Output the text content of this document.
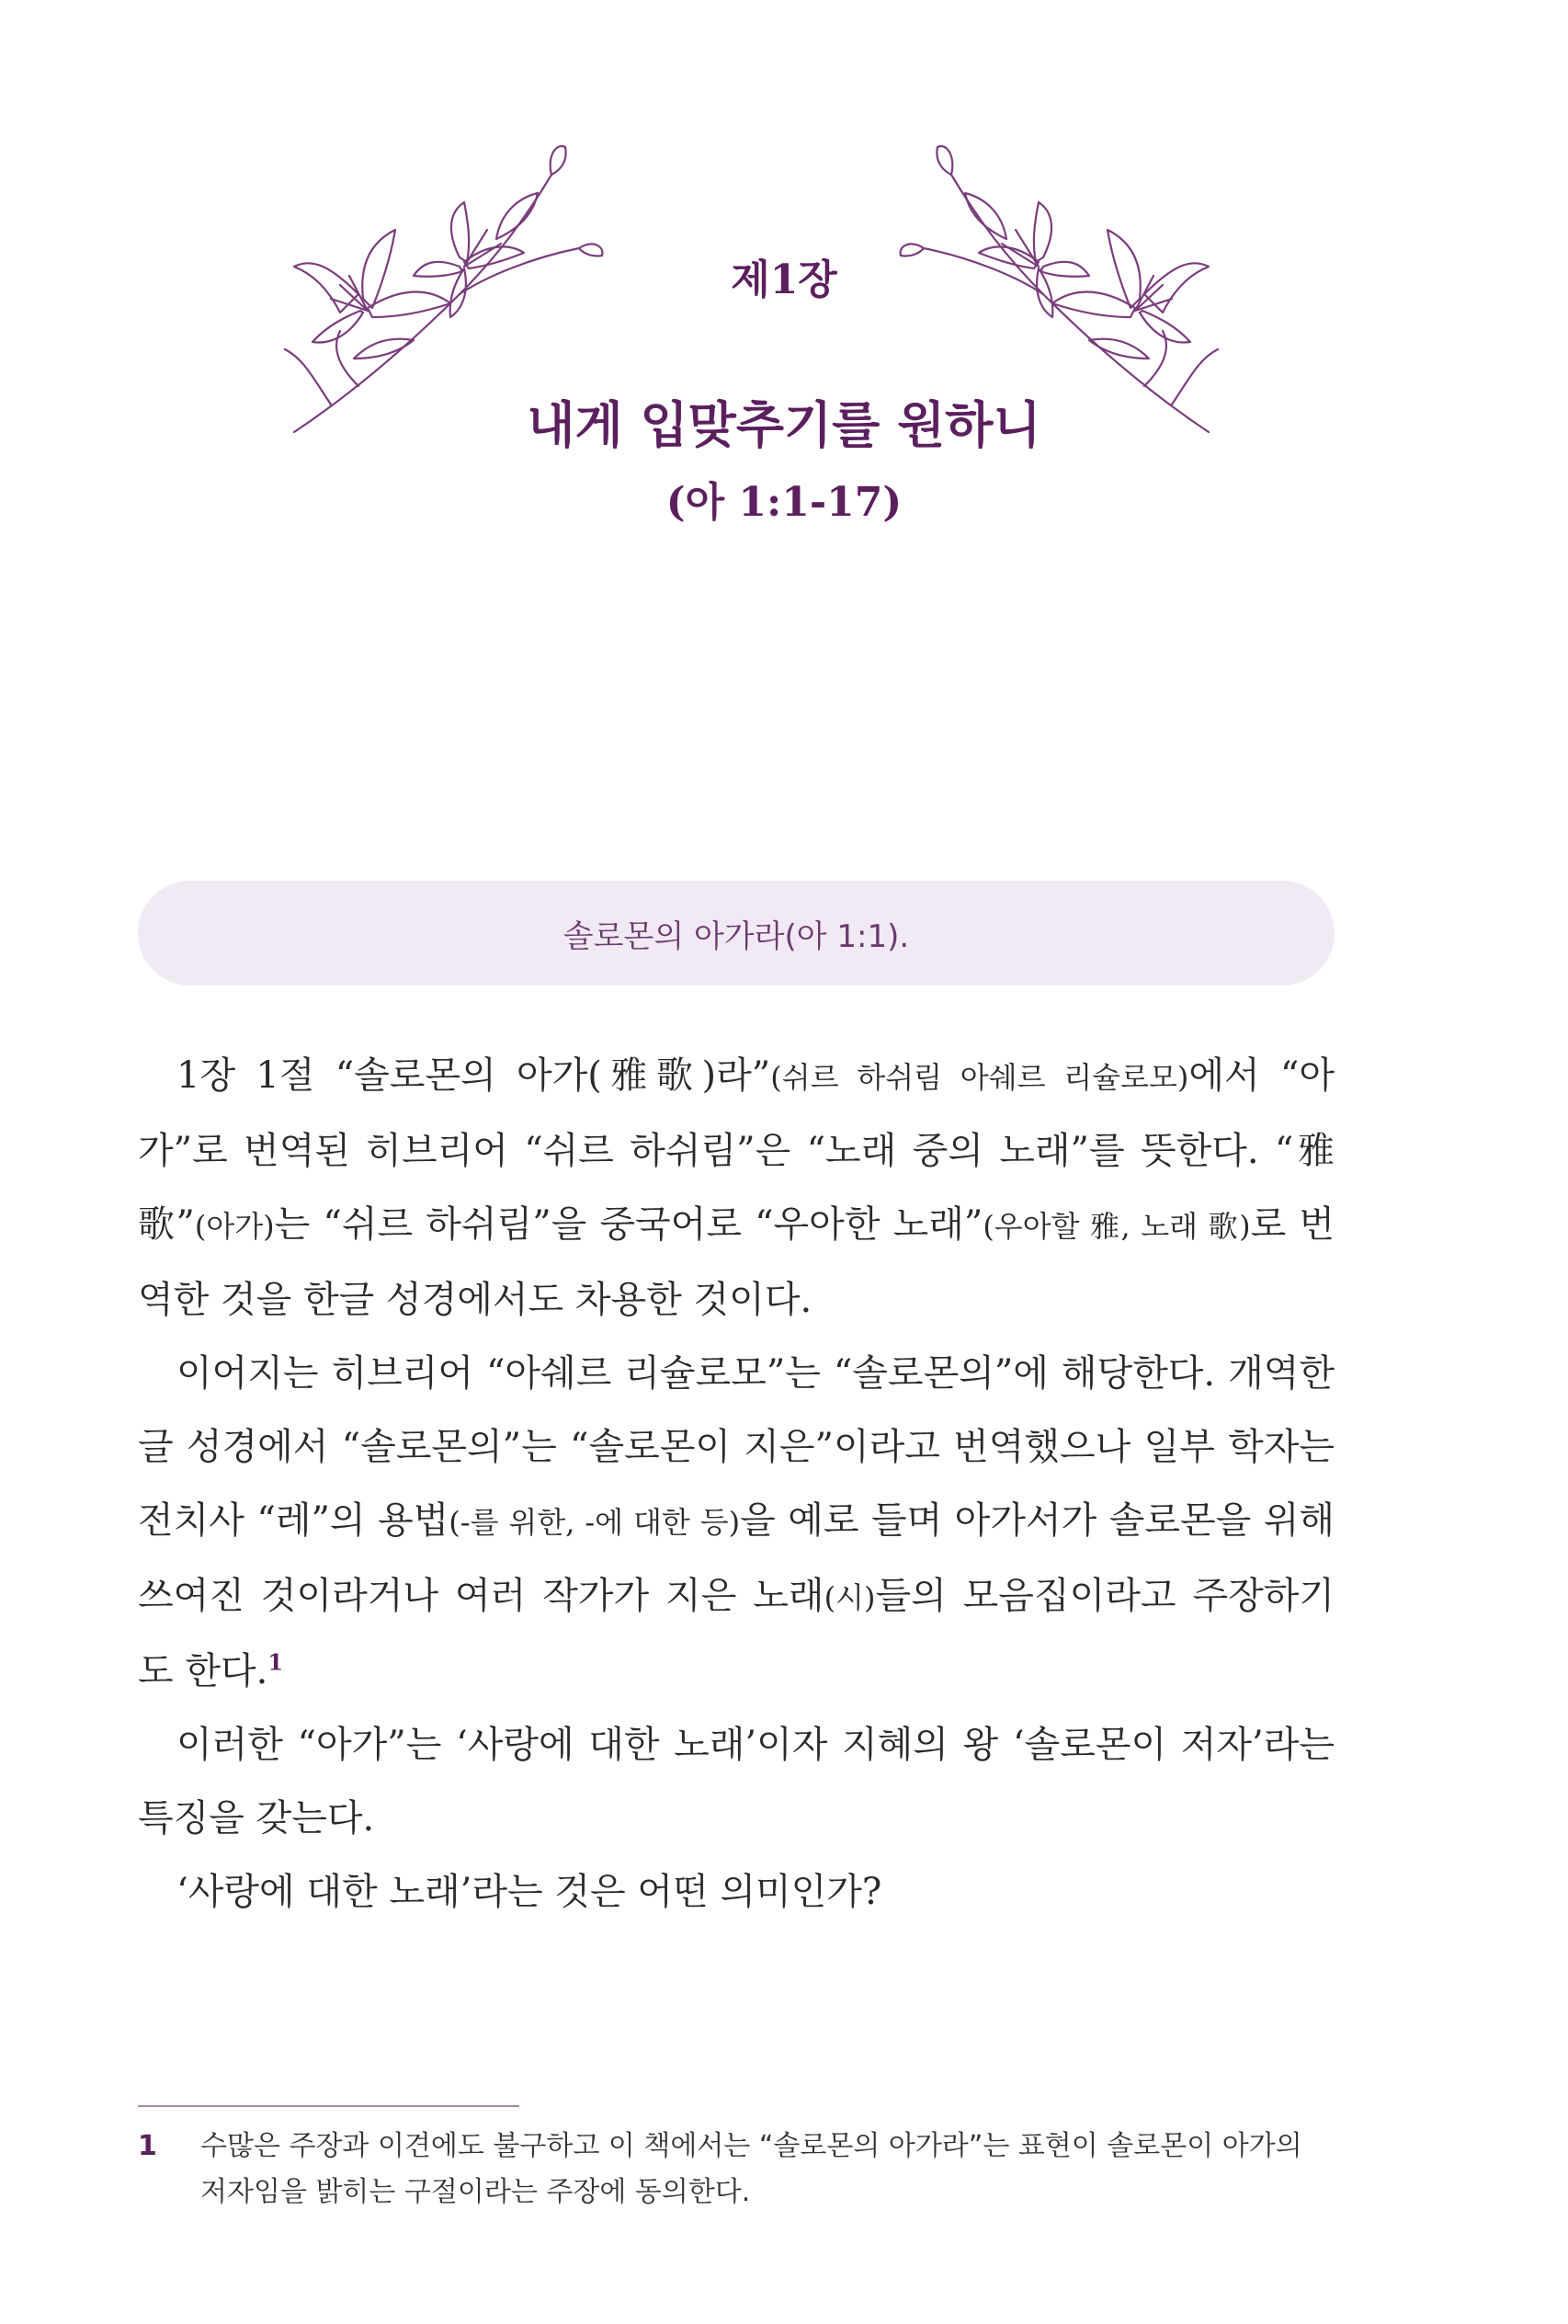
제1장
내게 입맞추기를 원하니
(아 1:1-17)
솔로몬의 아가라(아 1:1).

1장 1절 “솔로몬의 아가(雅歌)라”(쉬르 하쉬림 아쉐르 리슐로모)에서 “아가”로 번역된 히브리어 “쉬르 하쉬림”은 “노래 중의 노래”를 뜻한다. “雅歌”(아가)는 “쉬르 하쉬림”을 중국어로 “우아한 노래”(우아할 雅, 노래 歌)로 번역한 것을 한글 성경에서도 차용한 것이다.

이어지는 히브리어 “아쉐르 리슐로모”는 “솔로몬의”에 해당한다. 개역한글 성경에서 “솔로몬의”는 “솔로몬이 지은”이라고 번역했으나 일부 학자는 전치사 “레”의 용법(-를 위한, -에 대한 등)을 예로 들며 아가서가 솔로몬을 위해 쓰여진 것이라거나 여러 작가가 지은 노래(시)들의 모음집이라고 주장하기도 한다.$^1$

이러한 “아가”는 ‘사랑에 대한 노래’이자 지혜의 왕 ‘솔로몬이 저자’라는 특징을 갖는다.

‘사랑에 대한 노래’라는 것은 어떤 의미인가?

1	수많은 주장과 이견에도 불구하고 이 책에서는 “솔로몬의 아가라”는 표현이 솔로몬이 아가의 저자임을 밝히는 구절이라는 주장에 동의한다.
